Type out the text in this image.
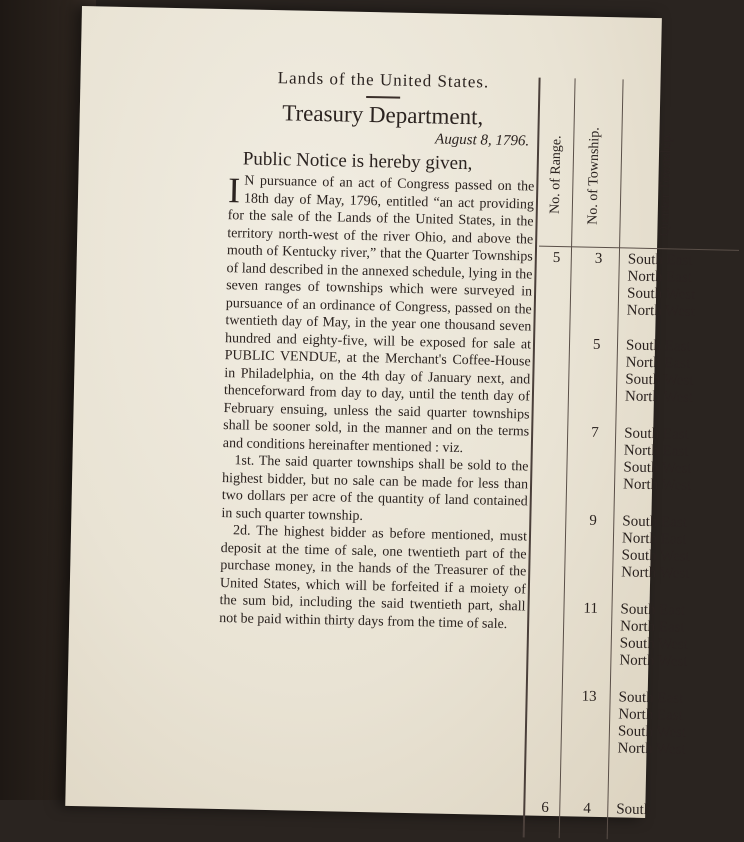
Lands of the United States.

Treasury Department,

August 8, 1796.

Public Notice is hereby given,

I N pursuance of an act of Congress passed on the 18th day of May, 1796, entitled “an act providing for the sale of the Lands of the United States, in the territory north-west of the river Ohio, and above the mouth of Kentucky river,” that the Quarter Townships of land described in the annexed schedule, lying in the seven ranges of townships which were surveyed in pursuance of an ordinance of Congress, passed on the twentieth day of May, in the year one thousand seven hundred and eighty-five, will be exposed for sale at PUBLIC VENDUE, at the Merchant's Coffee-House in Philadelphia, on the 4th day of January next, and thenceforward from day to day, until the tenth day of February ensuing, unless the said quarter townships shall be sooner sold, in the manner and on the terms and conditions hereinafter mentioned : viz.

1st. The said quarter townships shall be sold to the highest bidder, but no sale can be made for less than two dollars per acre of the quantity of land contained in such quarter township.

2d. The highest bidder as before mentioned, must deposit at the time of sale, one twentieth part of the purchase money, in the hands of the Treasurer of the United States, which will be forfeited if a moiety of the sum bid, including the said twentieth part, shall not be paid within thirty days from the time of sale.

No. of Range. No. of Township.	Quarter Township.
5
6
3
5
7
9
11
13
4
South East
North East
South West
North West
South East
North East
South West
North West
South East
North East
South West
North West
South East
North East
South West
North West
South East
North East
South West
North West
South East
North East
South West
North West
South
